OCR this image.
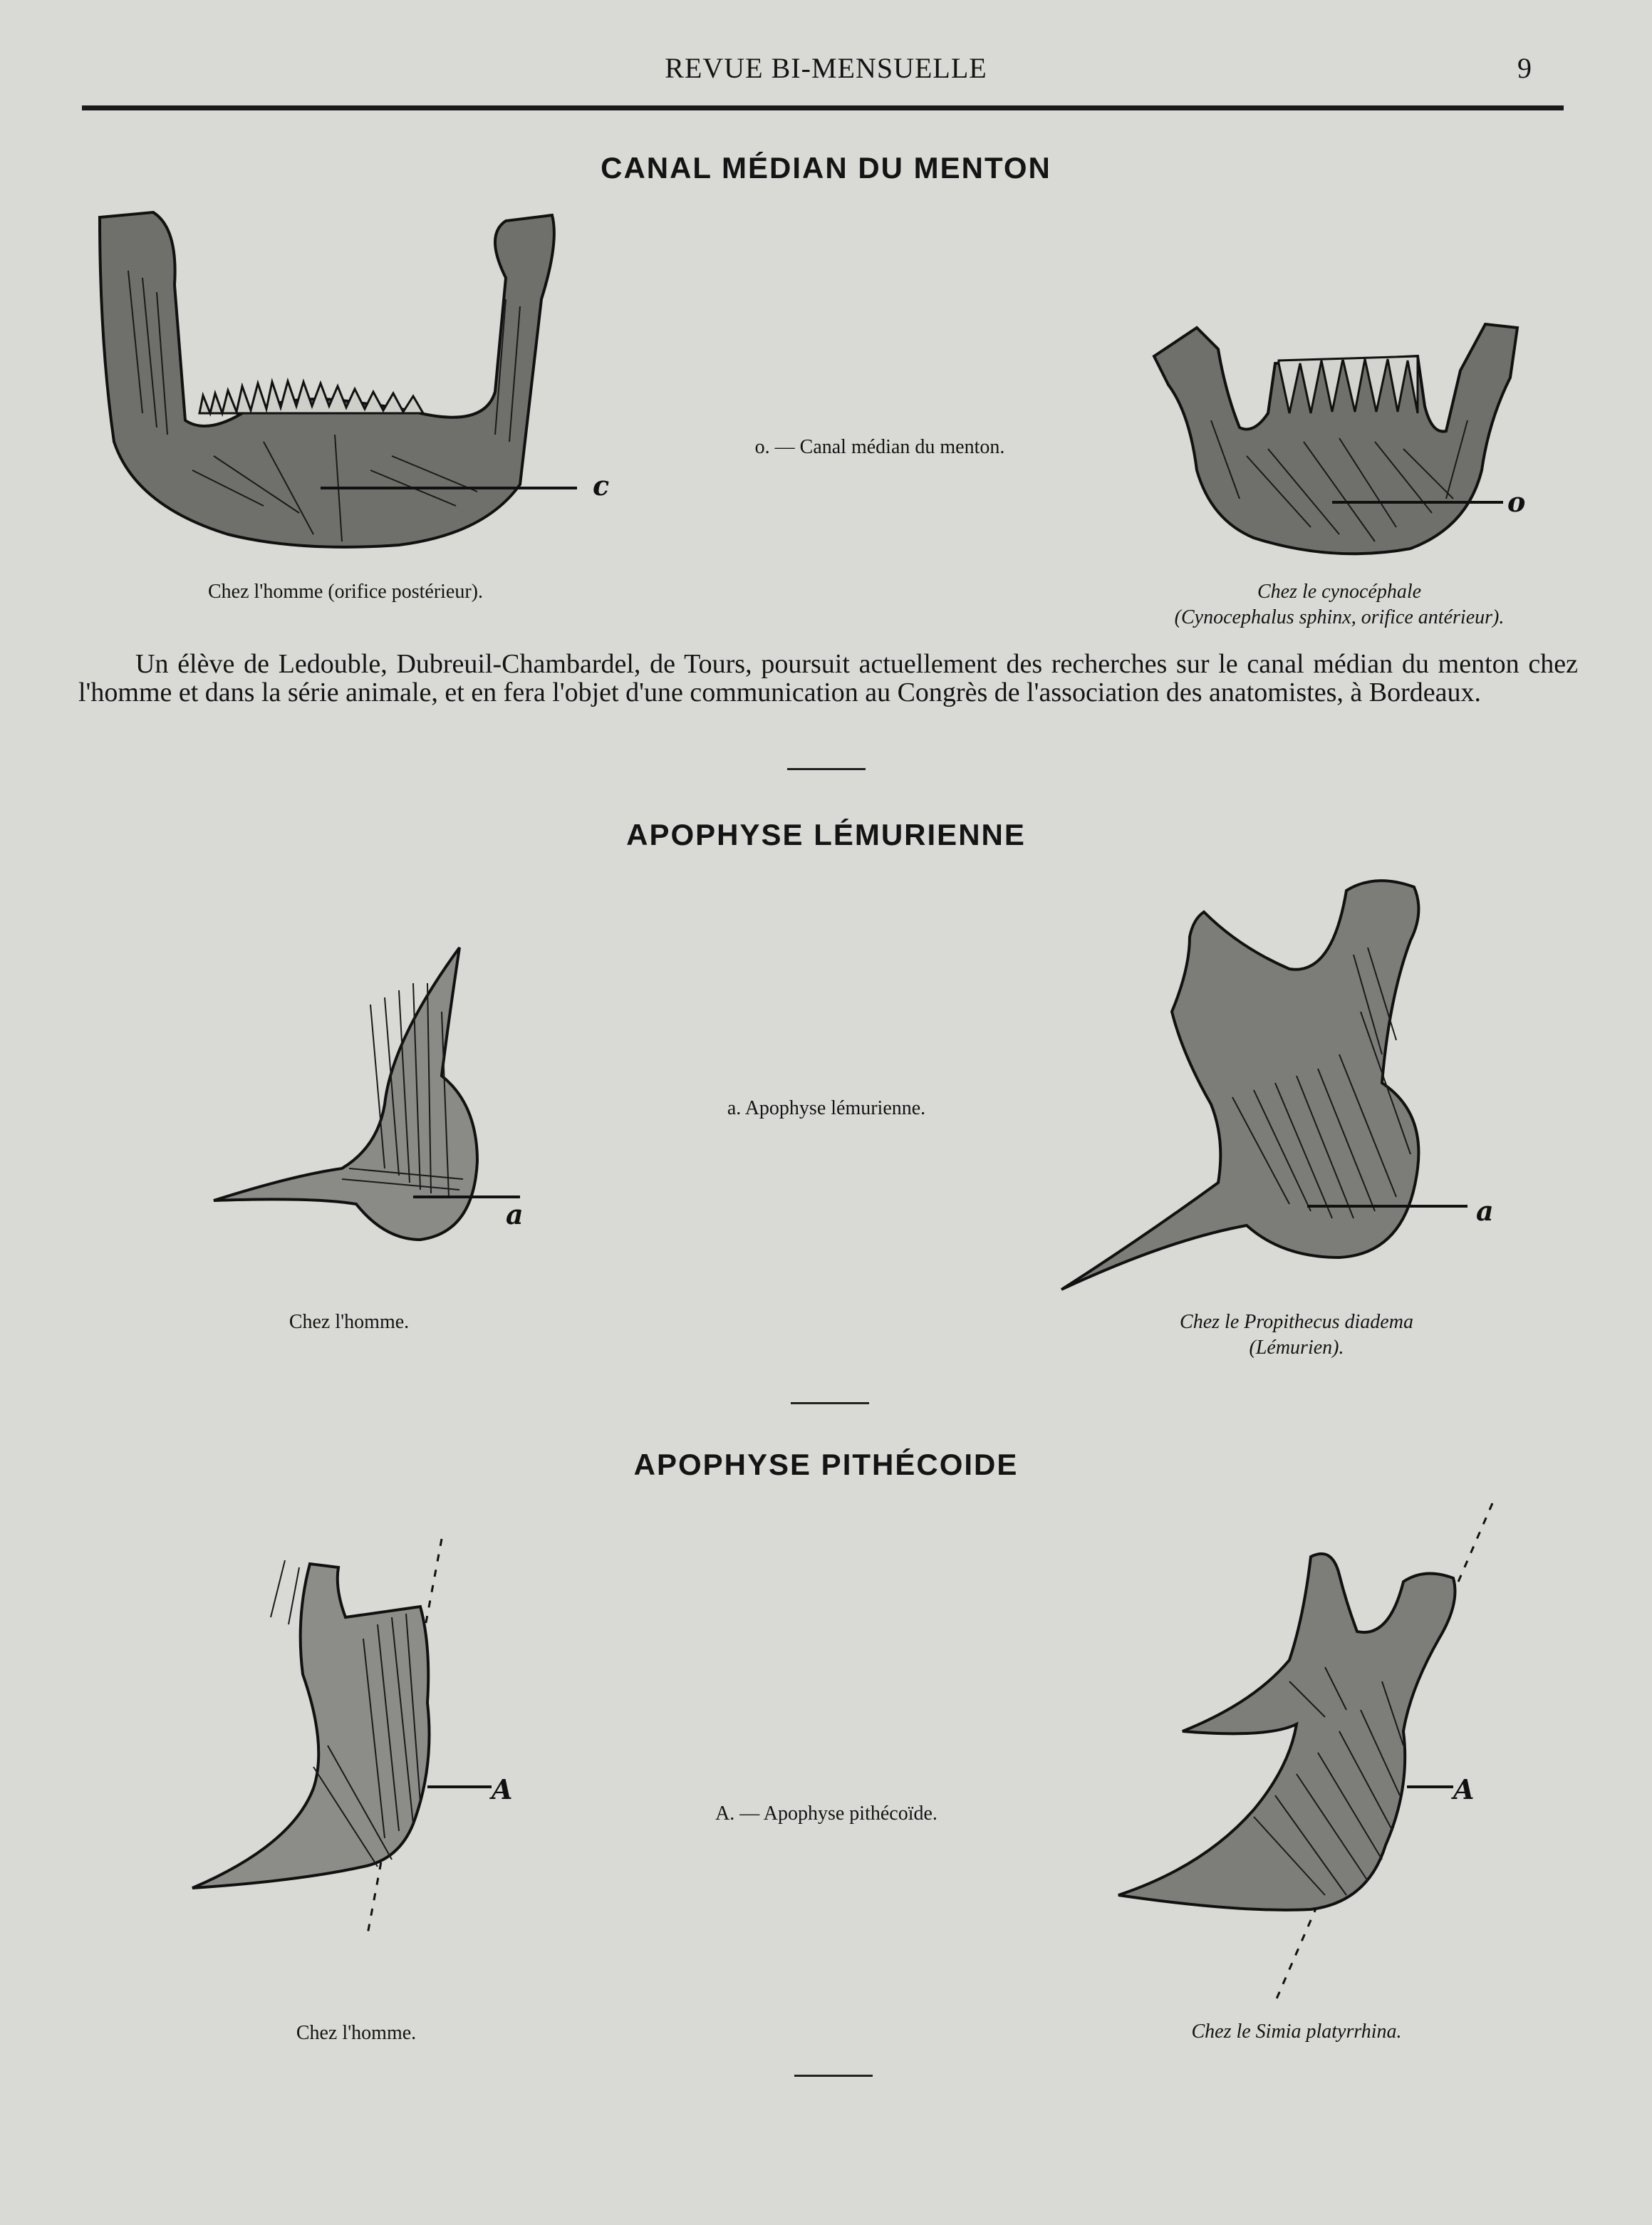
REVUE BI-MENSUELLE	9
CANAL MÉDIAN DU MENTON
c
o. — Canal médian du menton.
o
Chez l'homme (orifice postérieur).	Chez le cynocéphale
(Cynocephalus sphinx, orifice antérieur).

Un élève de Ledouble, Dubreuil-Chambardel, de Tours, poursuit actuellement des recherches sur le canal médian du menton chez l'homme et dans la série animale, et en fera l'objet d'une communication au Congrès de l'association des anatomistes, à Bordeaux.

APOPHYSE LÉMURIENNE
a
a. Apophyse lémurienne.
a
Chez l'homme.	Chez le Propithecus diadema
(Lémurien).
APOPHYSE PITHÉCOIDE
A
A. — Apophyse pithécoïde.
A
Chez l'homme.	Chez le Simia platyrrhina.
